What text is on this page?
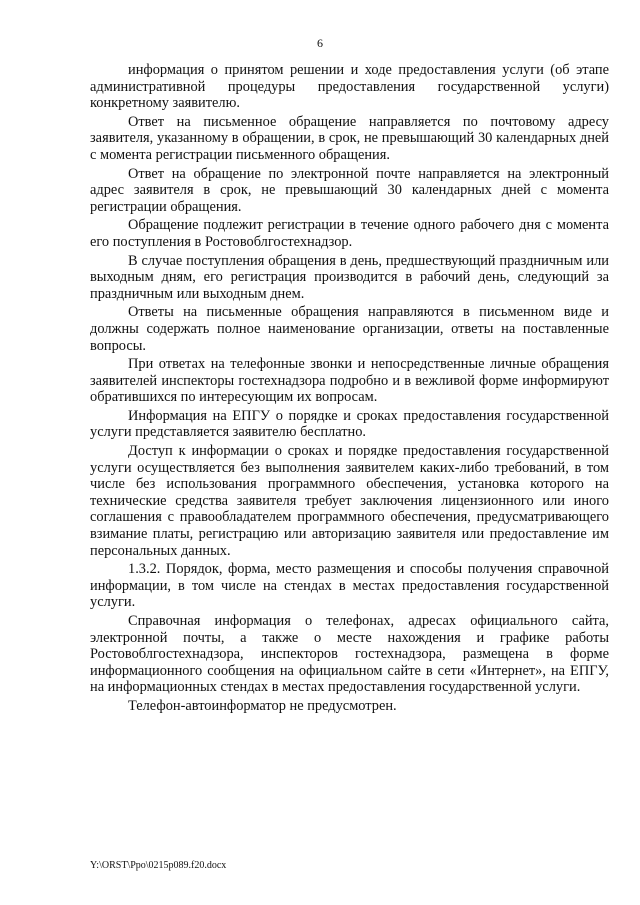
6

информация о принятом решении и ходе предоставления услуги (об этапе административной процедуры предоставления государственной услуги) конкретному заявителю.

Ответ на письменное обращение направляется по почтовому адресу заявителя, указанному в обращении, в срок, не превышающий 30 календарных дней с момента регистрации письменного обращения.

Ответ на обращение по электронной почте направляется на электронный адрес заявителя в срок, не превышающий 30 календарных дней с момента регистрации обращения.

Обращение подлежит регистрации в течение одного рабочего дня с момента его поступления в Ростовоблгостехнадзор.

В случае поступления обращения в день, предшествующий праздничным или выходным дням, его регистрация производится в рабочий день, следующий за праздничным или выходным днем.

Ответы на письменные обращения направляются в письменном виде и должны содержать полное наименование организации, ответы на поставленные вопросы.

При ответах на телефонные звонки и непосредственные личные обращения заявителей инспекторы гостехнадзора подробно и в вежливой форме информируют обратившихся по интересующим их вопросам.

Информация на ЕПГУ о порядке и сроках предоставления государственной услуги представляется заявителю бесплатно.

Доступ к информации о сроках и порядке предоставления государственной услуги осуществляется без выполнения заявителем каких-либо требований, в том числе без использования программного обеспечения, установка которого на технические средства заявителя требует заключения лицензионного или иного соглашения с правообладателем программного обеспечения, предусматривающего взимание платы, регистрацию или авторизацию заявителя или предоставление им персональных данных.

1.3.2. Порядок, форма, место размещения и способы получения справочной информации, в том числе на стендах в местах предоставления государственной услуги.

Справочная информация о телефонах, адресах официального сайта, электронной почты, а также о месте нахождения и графике работы Ростовоблгостехнадзора, инспекторов гостехнадзора, размещена в форме информационного сообщения на официальном сайте в сети «Интернет», на ЕПГУ, на информационных стендах в местах предоставления государственной услуги.

Телефон-автоинформатор не предусмотрен.

Y:\ORST\Ppo\0215p089.f20.docx
